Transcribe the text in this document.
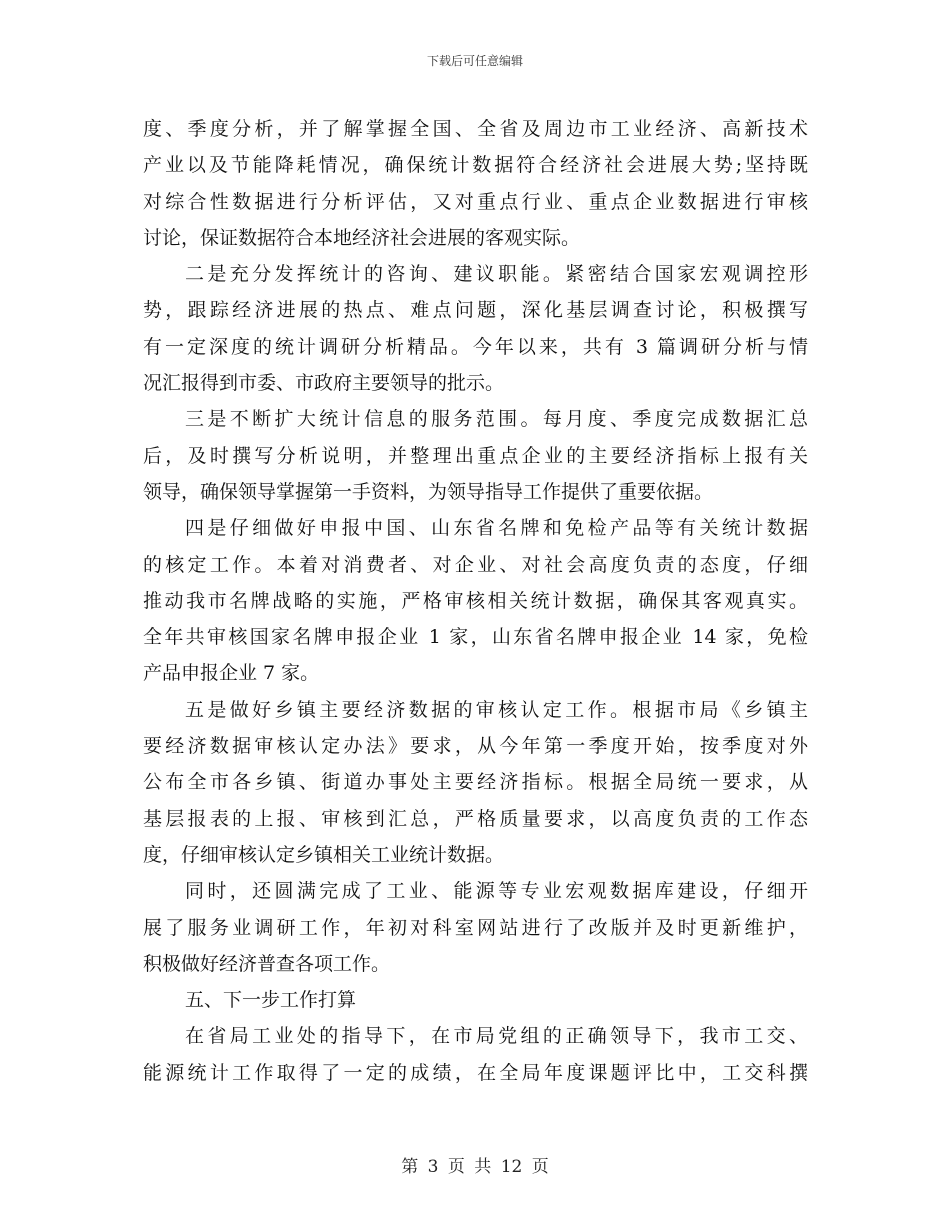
下载后可任意编辑
度、季度分析，并了解掌握全国、全省及周边市工业经济、高新技术
产业以及节能降耗情况，确保统计数据符合经济社会进展大势;坚持既
对综合性数据进行分析评估，又对重点行业、重点企业数据进行审核
讨论，保证数据符合本地经济社会进展的客观实际。
二是充分发挥统计的咨询、建议职能。紧密结合国家宏观调控形
势，跟踪经济进展的热点、难点问题，深化基层调查讨论，积极撰写
有一定深度的统计调研分析精品。今年以来，共有 3 篇调研分析与情
况汇报得到市委、市政府主要领导的批示。
三是不断扩大统计信息的服务范围。每月度、季度完成数据汇总
后，及时撰写分析说明，并整理出重点企业的主要经济指标上报有关
领导，确保领导掌握第一手资料，为领导指导工作提供了重要依据。
四是仔细做好申报中国、山东省名牌和免检产品等有关统计数据
的核定工作。本着对消费者、对企业、对社会高度负责的态度，仔细
推动我市名牌战略的实施，严格审核相关统计数据，确保其客观真实。
全年共审核国家名牌申报企业 1 家，山东省名牌申报企业 14 家，免检
产品申报企业 7 家。
五是做好乡镇主要经济数据的审核认定工作。根据市局《乡镇主
要经济数据审核认定办法》要求，从今年第一季度开始，按季度对外
公布全市各乡镇、街道办事处主要经济指标。根据全局统一要求，从
基层报表的上报、审核到汇总，严格质量要求，以高度负责的工作态
度，仔细审核认定乡镇相关工业统计数据。
同时，还圆满完成了工业、能源等专业宏观数据库建设，仔细开
展了服务业调研工作，年初对科室网站进行了改版并及时更新维护，
积极做好经济普查各项工作。
五、下一步工作打算
在省局工业处的指导下，在市局党组的正确领导下，我市工交、
能源统计工作取得了一定的成绩，在全局年度课题评比中，工交科撰
第 3 页 共 12 页
